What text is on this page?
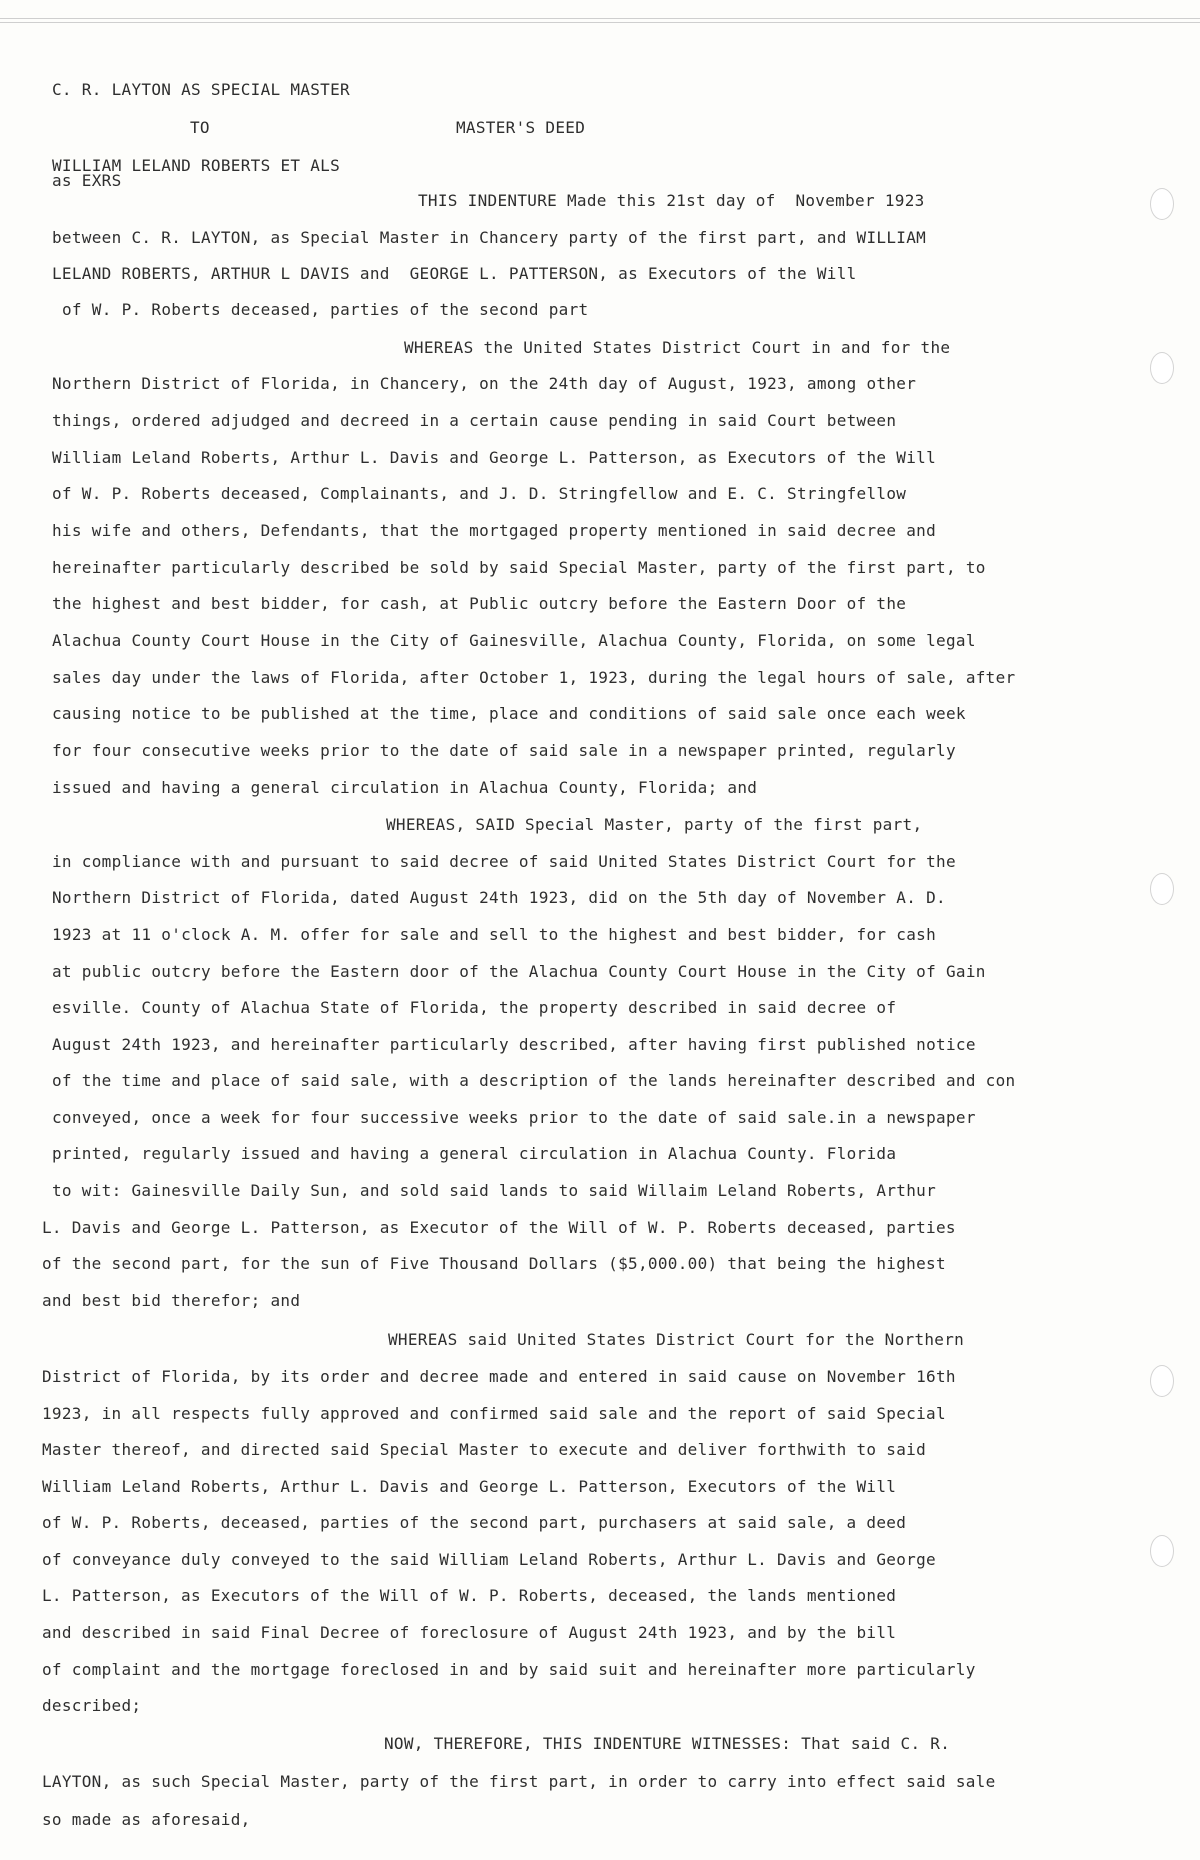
C. R. LAYTON AS SPECIAL MASTER
TO	MASTER'S DEED
WILLIAM LELAND ROBERTS ET ALS
as EXRS
THIS INDENTURE Made this 21st day of  November 1923
between C. R. LAYTON, as Special Master in Chancery party of the first part, and WILLIAM
LELAND ROBERTS, ARTHUR L DAVIS and  GEORGE L. PATTERSON, as Executors of the Will
of W. P. Roberts deceased, parties of the second part
WHEREAS the United States District Court in and for the
Northern District of Florida, in Chancery, on the 24th day of August, 1923, among other
things, ordered adjudged and decreed in a certain cause pending in said Court between
William Leland Roberts, Arthur L. Davis and George L. Patterson, as Executors of the Will
of W. P. Roberts deceased, Complainants, and J. D. Stringfellow and E. C. Stringfellow
his wife and others, Defendants, that the mortgaged property mentioned in said decree and
hereinafter particularly described be sold by said Special Master, party of the first part, to
the highest and best bidder, for cash, at Public outcry before the Eastern Door of the
Alachua County Court House in the City of Gainesville, Alachua County, Florida, on some legal
sales day under the laws of Florida, after October 1, 1923, during the legal hours of sale, after
causing notice to be published at the time, place and conditions of said sale once each week
for four consecutive weeks prior to the date of said sale in a newspaper printed, regularly
issued and having a general circulation in Alachua County, Florida; and
WHEREAS, SAID Special Master, party of the first part,
in compliance with and pursuant to said decree of said United States District Court for the
Northern District of Florida, dated August 24th 1923, did on the 5th day of November A. D.
1923 at 11 o'clock A. M. offer for sale and sell to the highest and best bidder, for cash
at public outcry before the Eastern door of the Alachua County Court House in the City of Gain
esville. County of Alachua State of Florida, the property described in said decree of
August 24th 1923, and hereinafter particularly described, after having first published notice
of the time and place of said sale, with a description of the lands hereinafter described and con
conveyed, once a week for four successive weeks prior to the date of said sale.in a newspaper
printed, regularly issued and having a general circulation in Alachua County. Florida
to wit: Gainesville Daily Sun, and sold said lands to said Willaim Leland Roberts, Arthur
L. Davis and George L. Patterson, as Executor of the Will of W. P. Roberts deceased, parties
of the second part, for the sun of Five Thousand Dollars ($5,000.00) that being the highest
and best bid therefor; and
WHEREAS said United States District Court for the Northern
District of Florida, by its order and decree made and entered in said cause on November 16th
1923, in all respects fully approved and confirmed said sale and the report of said Special
Master thereof, and directed said Special Master to execute and deliver forthwith to said
William Leland Roberts, Arthur L. Davis and George L. Patterson, Executors of the Will
of W. P. Roberts, deceased, parties of the second part, purchasers at said sale, a deed
of conveyance duly conveyed to the said William Leland Roberts, Arthur L. Davis and George
L. Patterson, as Executors of the Will of W. P. Roberts, deceased, the lands mentioned
and described in said Final Decree of foreclosure of August 24th 1923, and by the bill
of complaint and the mortgage foreclosed in and by said suit and hereinafter more particularly
described;
NOW, THEREFORE, THIS INDENTURE WITNESSES: That said C. R.
LAYTON, as such Special Master, party of the first part, in order to carry into effect said sale
so made as aforesaid,
